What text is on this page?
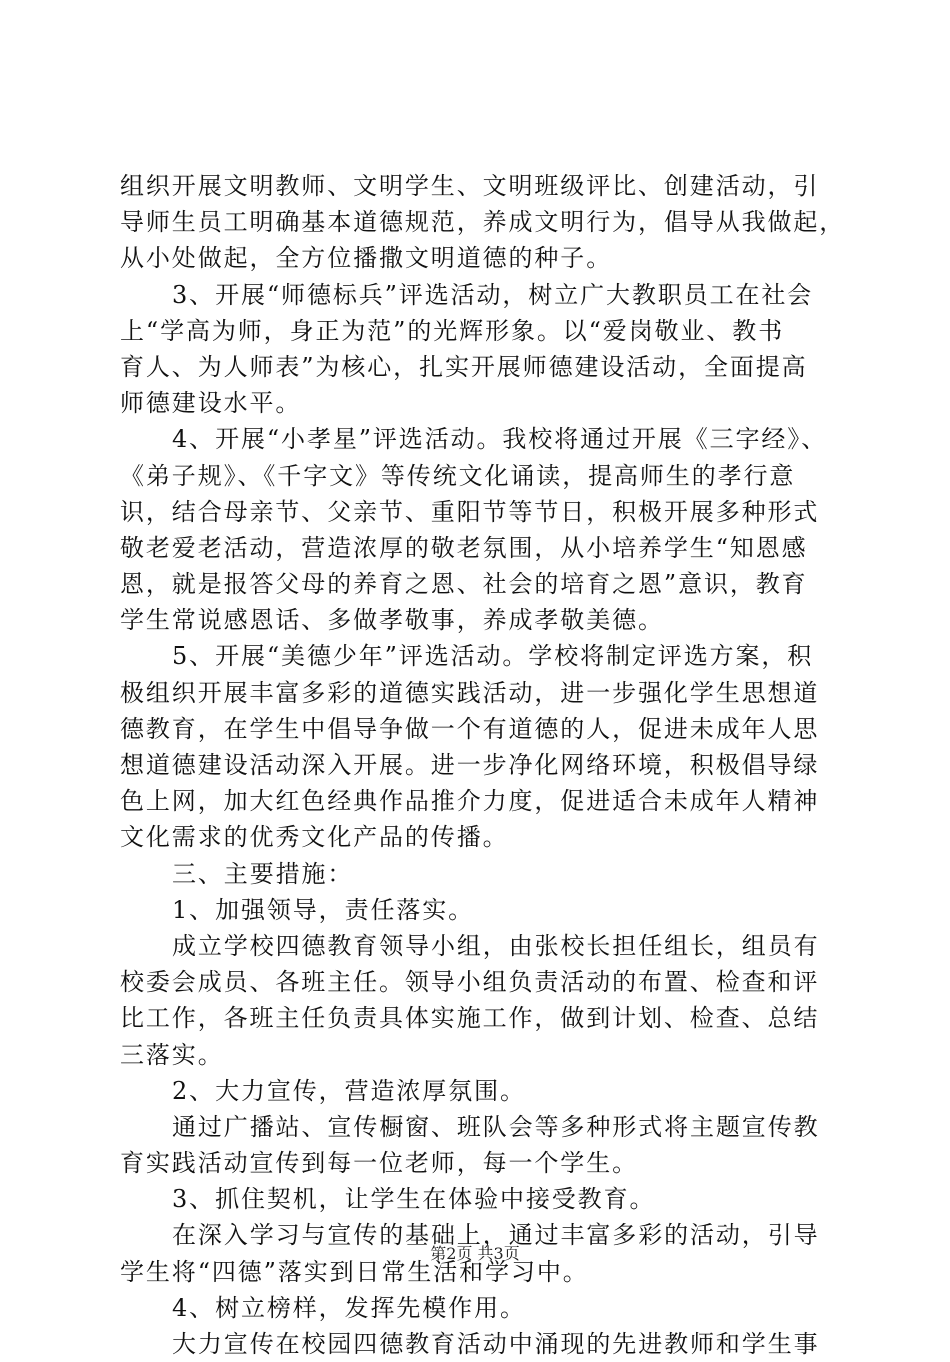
组织开展文明教师、文明学生、文明班级评比、创建活动，引
导师生员工明确基本道德规范，养成文明行为，倡导从我做起，
从小处做起，全方位播撒文明道德的种子。
3、开展“师德标兵”评选活动，树立广大教职员工在社会
上“学高为师，身正为范”的光辉形象。以“爱岗敬业、教书
育人、为人师表”为核心，扎实开展师德建设活动，全面提高
师德建设水平。
4、开展“小孝星”评选活动。我校将通过开展《三字经》、
《弟子规》、《千字文》等传统文化诵读，提高师生的孝行意
识，结合母亲节、父亲节、重阳节等节日，积极开展多种形式
敬老爱老活动，营造浓厚的敬老氛围，从小培养学生“知恩感
恩，就是报答父母的养育之恩、社会的培育之恩”意识，教育
学生常说感恩话、多做孝敬事，养成孝敬美德。
5、开展“美德少年”评选活动。学校将制定评选方案，积
极组织开展丰富多彩的道德实践活动，进一步强化学生思想道
德教育，在学生中倡导争做一个有道德的人，促进未成年人思
想道德建设活动深入开展。进一步净化网络环境，积极倡导绿
色上网，加大红色经典作品推介力度，促进适合未成年人精神
文化需求的优秀文化产品的传播。
三、主要措施：
1、加强领导，责任落实。
成立学校四德教育领导小组，由张校长担任组长，组员有
校委会成员、各班主任。领导小组负责活动的布置、检查和评
比工作，各班主任负责具体实施工作，做到计划、检查、总结
三落实。
2、大力宣传，营造浓厚氛围。
通过广播站、宣传橱窗、班队会等多种形式将主题宣传教
育实践活动宣传到每一位老师，每一个学生。
3、抓住契机，让学生在体验中接受教育。
在深入学习与宣传的基础上，通过丰富多彩的活动，引导
学生将“四德”落实到日常生活和学习中。
4、树立榜样，发挥先模作用。
大力宣传在校园四德教育活动中涌现的先进教师和学生事
第2页 共3页
